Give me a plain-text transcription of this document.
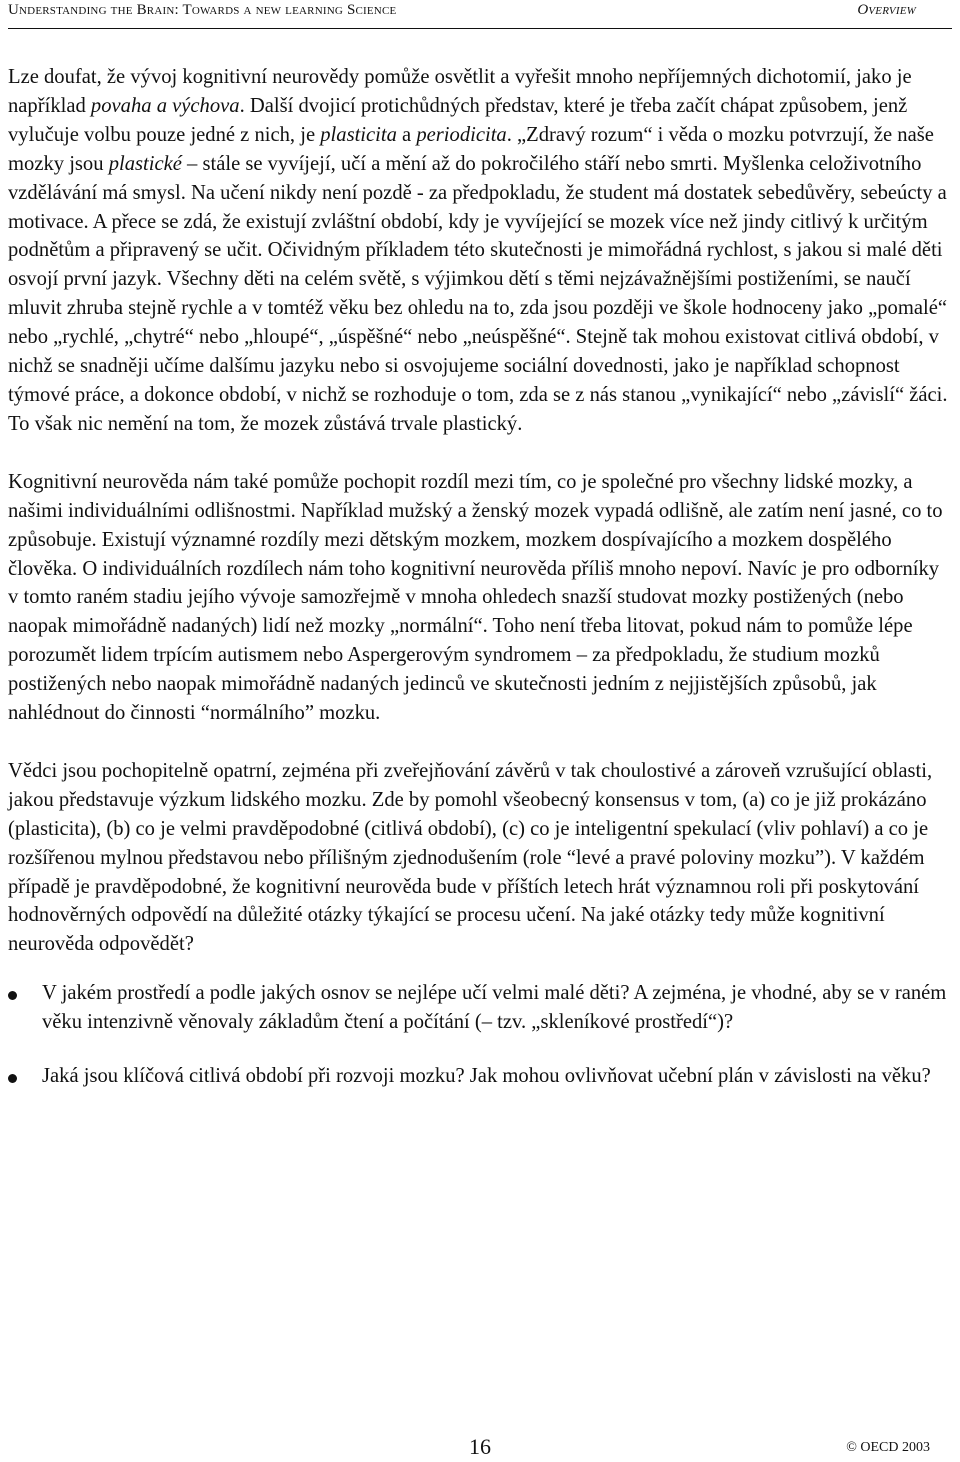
Understanding the Brain: Towards a new learning Science	Overview

Lze doufat, že vývoj kognitivní neurovědy pomůže osvětlit a vyřešit mnoho nepříjemných dichotomií, jako je například povaha a výchova. Další dvojicí protichůdných představ, které je třeba začít chápat způsobem, jenž vylučuje volbu pouze jedné z nich, je plasticita a periodicita. „Zdravý rozum“ i věda o mozku potvrzují, že naše mozky jsou plastické – stále se vyvíjejí, učí a mění až do pokročilého stáří nebo smrti. Myšlenka celoživotního vzdělávání má smysl. Na učení nikdy není pozdě - za předpokladu, že student má dostatek sebedůvěry, sebeúcty a motivace. A přece se zdá, že existují zvláštní období, kdy je vyvíjející se mozek více než jindy citlivý k určitým podnětům a připravený se učit. Očividným příkladem této skutečnosti je mimořádná rychlost, s jakou si malé děti osvojí první jazyk. Všechny děti na celém světě, s výjimkou dětí s těmi nejzávažnějšími postiženími, se naučí mluvit zhruba stejně rychle a v tomtéž věku bez ohledu na to, zda jsou později ve škole hodnoceny jako „pomalé“ nebo „rychlé, „chytré“ nebo „hloupé“, „úspěšné“ nebo „neúspěšné“. Stejně tak mohou existovat citlivá období, v nichž se snadněji učíme dalšímu jazyku nebo si osvojujeme sociální dovednosti, jako je například schopnost týmové práce, a dokonce období, v nichž se rozhoduje o tom, zda se z nás stanou „vynikající“ nebo „závislí“ žáci. To však nic nemění na tom, že mozek zůstává trvale plastický.

Kognitivní neurověda nám také pomůže pochopit rozdíl mezi tím, co je společné pro všechny lidské mozky, a našimi individuálními odlišnostmi. Například mužský a ženský mozek vypadá odlišně, ale zatím není jasné, co to způsobuje. Existují významné rozdíly mezi dětským mozkem, mozkem dospívajícího a mozkem dospělého člověka. O individuálních rozdílech nám toho kognitivní neurověda příliš mnoho nepoví. Navíc je pro odborníky v tomto raném stadiu jejího vývoje samozřejmě v mnoha ohledech snazší studovat mozky postižených (nebo naopak mimořádně nadaných) lidí než mozky „normální“. Toho není třeba litovat, pokud nám to pomůže lépe porozumět lidem trpícím autismem nebo Aspergerovým syndromem – za předpokladu, že studium mozků postižených nebo naopak mimořádně nadaných jedinců ve skutečnosti jedním z nejjistějších způsobů, jak nahlédnout do činnosti “normálního” mozku.

Vědci jsou pochopitelně opatrní, zejména při zveřejňování závěrů v tak choulostivé a zároveň vzrušující oblasti, jakou představuje výzkum lidského mozku. Zde by pomohl všeobecný konsensus v tom, (a) co je již prokázáno (plasticita), (b) co je velmi pravděpodobné (citlivá období), (c) co je inteligentní spekulací (vliv pohlaví) a co je rozšířenou mylnou představou nebo přílišným zjednodušením (role “levé a pravé poloviny mozku”). V každém případě je pravděpodobné, že kognitivní neurověda bude v příštích letech hrát významnou roli při poskytování hodnověrných odpovědí na důležité otázky týkající se procesu učení. Na jaké otázky tedy může kognitivní neurověda odpovědět?

V jakém prostředí a podle jakých osnov se nejlépe učí velmi malé děti? A zejména, je vhodné, aby se v raném věku intenzivně věnovaly základům čtení a počítání (– tzv. „skleníkové prostředí“)?
Jaká jsou klíčová citlivá období při rozvoji mozku? Jak mohou ovlivňovat učební plán v závislosti na věku?
16	© OECD 2003
